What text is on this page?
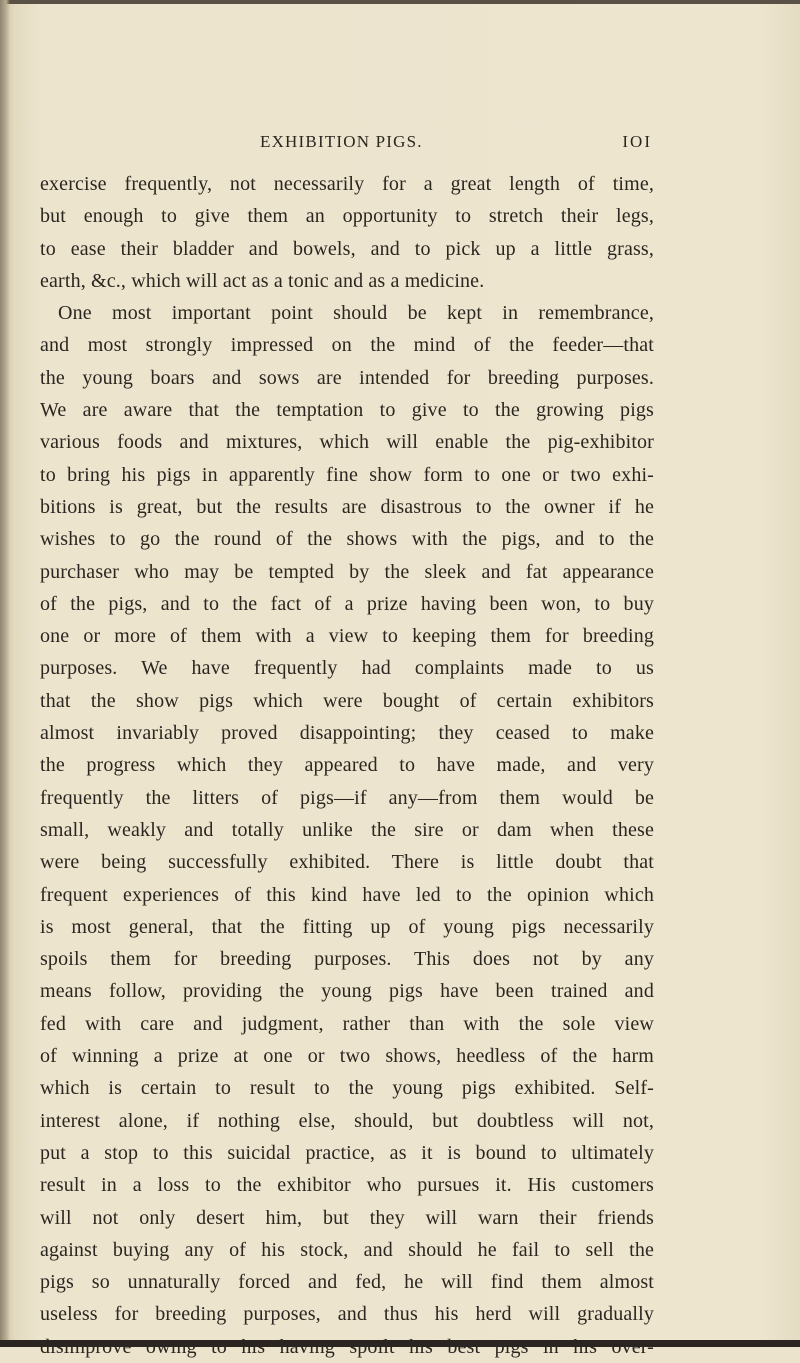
EXHIBITION PIGS.	IOI
exercise frequently, not necessarily for a great length of time,
but enough to give them an opportunity to stretch their legs,
to ease their bladder and bowels, and to pick up a little grass,
earth, &c., which will act as a tonic and as a medicine.
One most important point should be kept in remembrance,
and most strongly impressed on the mind of the feeder—that
the young boars and sows are intended for breeding purposes.
We are aware that the temptation to give to the growing pigs
various foods and mixtures, which will enable the pig-exhibitor
to bring his pigs in apparently fine show form to one or two exhi-
bitions is great, but the results are disastrous to the owner if he
wishes to go the round of the shows with the pigs, and to the
purchaser who may be tempted by the sleek and fat appearance
of the pigs, and to the fact of a prize having been won, to buy
one or more of them with a view to keeping them for breeding
purposes. We have frequently had complaints made to us
that the show pigs which were bought of certain exhibitors
almost invariably proved disappointing; they ceased to make
the progress which they appeared to have made, and very
frequently the litters of pigs—if any—from them would be
small, weakly and totally unlike the sire or dam when these
were being successfully exhibited. There is little doubt that
frequent experiences of this kind have led to the opinion which
is most general, that the fitting up of young pigs necessarily
spoils them for breeding purposes. This does not by any
means follow, providing the young pigs have been trained and
fed with care and judgment, rather than with the sole view
of winning a prize at one or two shows, heedless of the harm
which is certain to result to the young pigs exhibited. Self-
interest alone, if nothing else, should, but doubtless will not,
put a stop to this suicidal practice, as it is bound to ultimately
result in a loss to the exhibitor who pursues it. His customers
will not only desert him, but they will warn their friends
against buying any of his stock, and should he fail to sell the
pigs so unnaturally forced and fed, he will find them almost
useless for breeding purposes, and thus his herd will gradually
